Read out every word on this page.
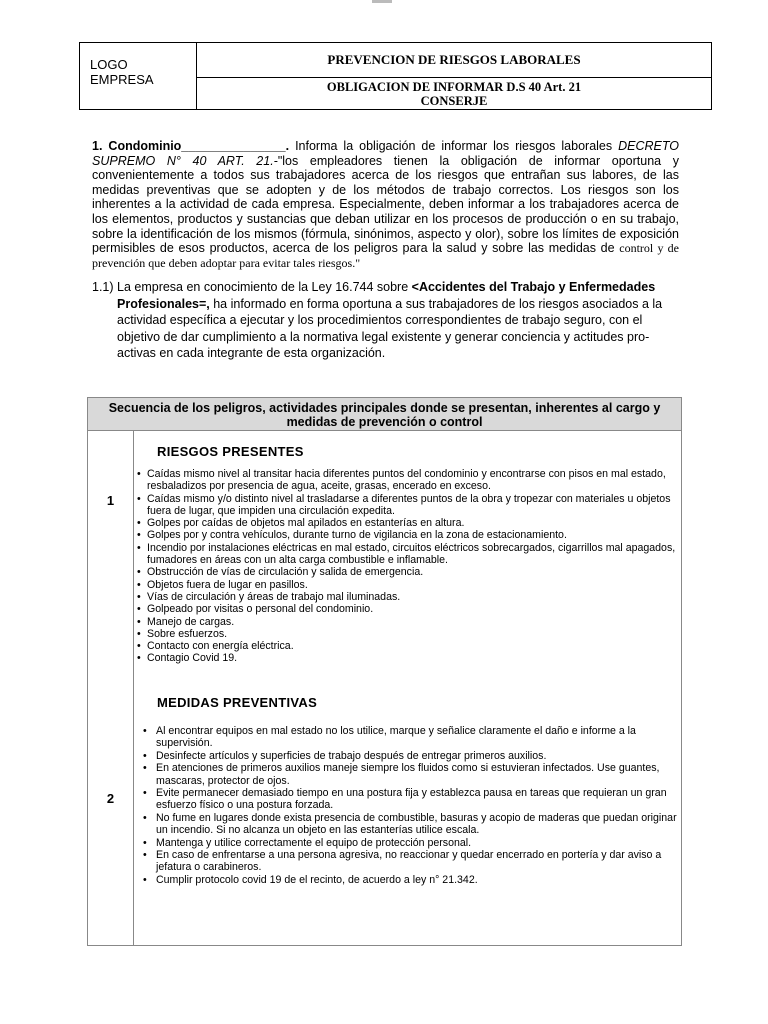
LOGO
EMPRESA
PREVENCION DE RIESGOS LABORALES
OBLIGACION DE INFORMAR D.S 40 Art. 21
CONSERJE
1. Condominio_______________. Informa la obligación de informar los riesgos laborales DECRETO SUPREMO N° 40 ART. 21.-"los empleadores tienen la obligación de informar oportuna y convenientemente a todos sus trabajadores acerca de los riesgos que entrañan sus labores, de las medidas preventivas que se adopten y de los métodos de trabajo correctos. Los riesgos son los inherentes a la actividad de cada empresa. Especialmente, deben informar a los trabajadores acerca de los elementos, productos y sustancias que deban utilizar en los procesos de producción o en su trabajo, sobre la identificación de los mismos (fórmula, sinónimos, aspecto y olor), sobre los límites de exposición permisibles de esos productos, acerca de los peligros para la salud y sobre las medidas de control y de prevención que deben adoptar para evitar tales riesgos."
1.1) La empresa en conocimiento de la Ley 16.744 sobre <Accidentes del Trabajo y Enfermedades Profesionales=, ha informado en forma oportuna a sus trabajadores de los riesgos asociados a la actividad específica a ejecutar y los procedimientos correspondientes de trabajo seguro, con el objetivo de dar cumplimiento a la normativa legal existente y generar conciencia y actitudes pro-activas en cada integrante de esta organización.
Secuencia de los peligros, actividades principales donde se presentan, inherentes al cargo y
medidas de prevención o control
1
RIESGOS PRESENTES
• Caídas mismo nivel al transitar hacia diferentes puntos del condominio y encontrarse con pisos en mal estado, resbaladizos por presencia de agua, aceite, grasas, encerado en exceso.
• Caídas mismo y/o distinto nivel al trasladarse a diferentes puntos de la obra y tropezar con materiales u objetos fuera de lugar, que impiden una circulación expedita.
• Golpes por caídas de objetos mal apilados en estanterías en altura.
• Golpes por y contra vehículos, durante turno de vigilancia en la zona de estacionamiento.
• Incendio por instalaciones eléctricas en mal estado, circuitos eléctricos sobrecargados, cigarrillos mal apagados, fumadores en áreas con un alta carga combustible e inflamable.
• Obstrucción de vías de circulación y salida de emergencia.
• Objetos fuera de lugar en pasillos.
• Vías de circulación y áreas de trabajo mal iluminadas.
• Golpeado por visitas o personal del condominio.
• Manejo de cargas.
• Sobre esfuerzos.
• Contacto con energía eléctrica.
• Contagio Covid 19.
MEDIDAS PREVENTIVAS
2
• Al encontrar equipos en mal estado no los utilice, marque y señalice claramente el daño e informe a la supervisión.
• Desinfecte artículos y superficies de trabajo después de entregar primeros auxilios.
• En atenciones de primeros auxilios maneje siempre los fluidos como si estuvieran infectados. Use guantes, mascaras, protector de ojos.
• Evite permanecer demasiado tiempo en una postura fija y establezca pausa en tareas que requieran un gran esfuerzo físico o una postura forzada.
• No fume en lugares donde exista presencia de combustible, basuras y acopio de maderas que puedan originar un incendio. Si no alcanza un objeto en las estanterías utilice escala.
• Mantenga y utilice correctamente el equipo de protección personal.
• En caso de enfrentarse a una persona agresiva, no reaccionar y quedar encerrado en portería y dar aviso a jefatura o carabineros.
• Cumplir protocolo covid 19 de el recinto, de acuerdo a ley n° 21.342.
